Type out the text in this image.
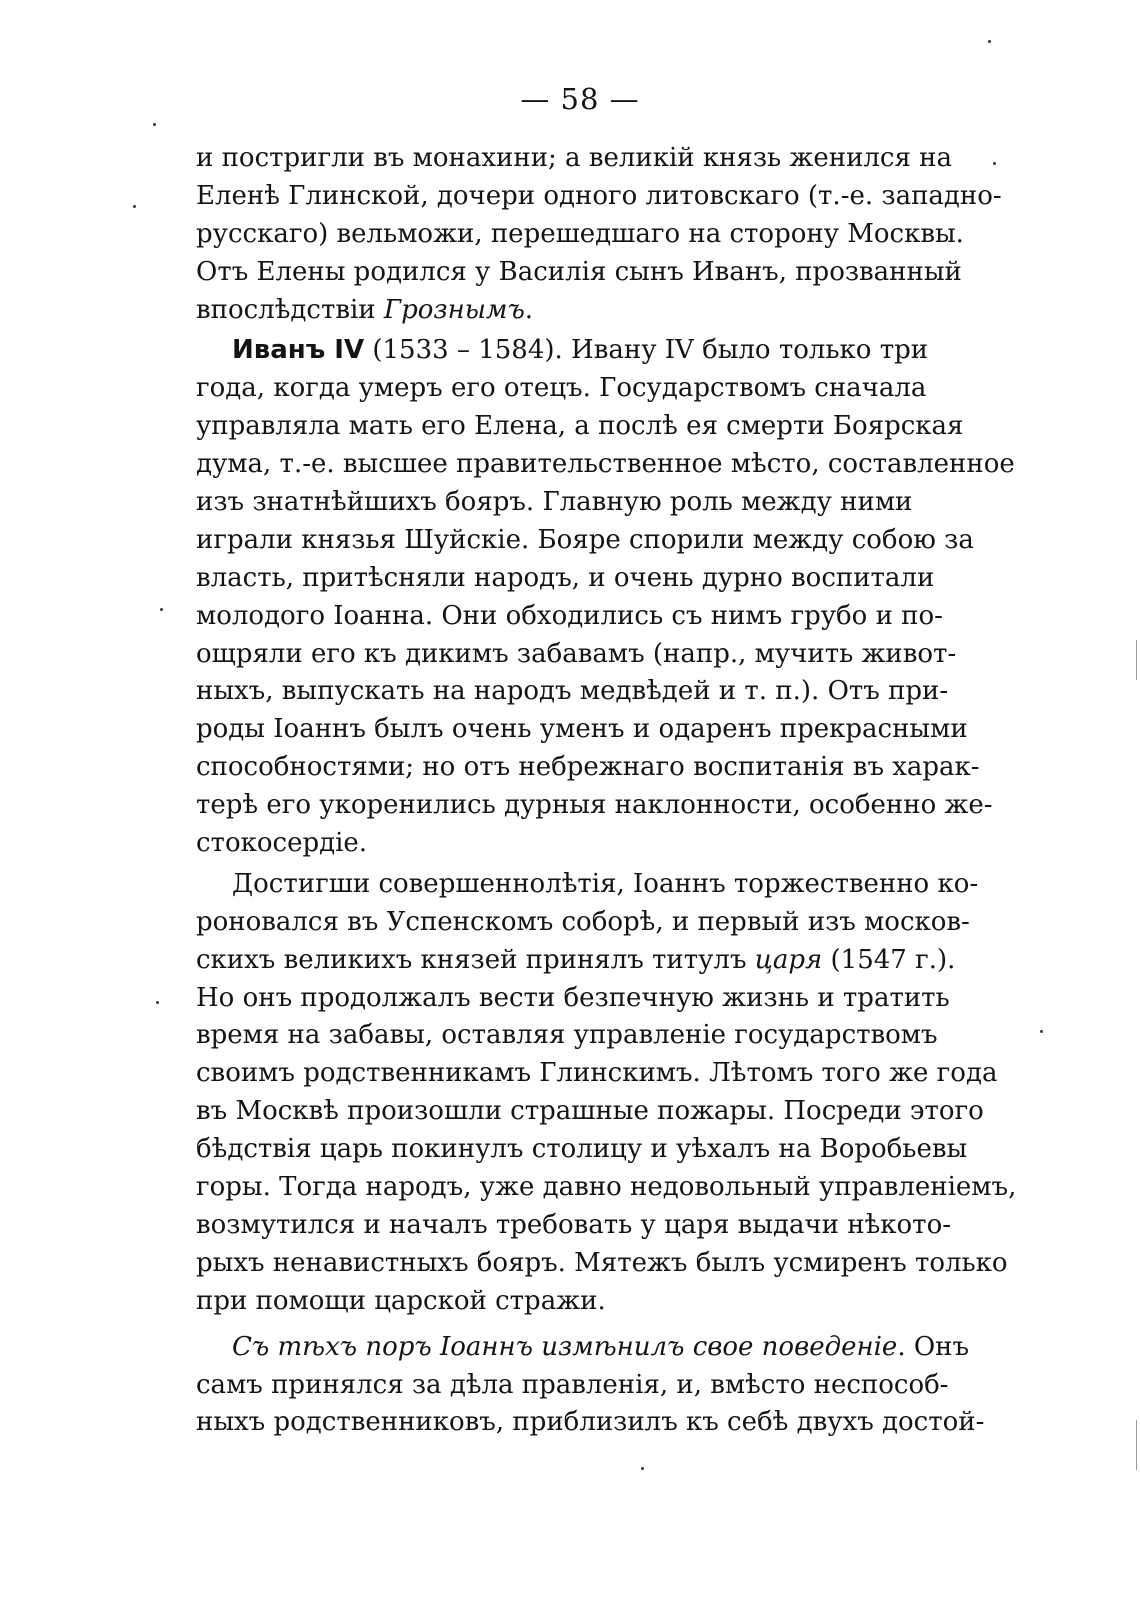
— 58 —
и постригли въ монахини; а великій князь женился на
Еленѣ Глинской, дочери одного литовскаго (т.-е. западно-
русскаго) вельможи, перешедшаго на сторону Москвы.
Отъ Елены родился у Василія сынъ Иванъ, прозванный
впослѣдствіи Грознымъ .
Иванъ IV (1533 – 1584). Ивану IV было только три
года, когда умеръ его отецъ. Государствомъ сначала
управляла мать его Елена, а послѣ ея смерти Боярская
дума, т.-е. высшее правительственное мѣсто, составленное
изъ знатнѣйшихъ бояръ. Главную роль между ними
играли князья Шуйскіе. Бояре спорили между собою за
власть, притѣсняли народъ, и очень дурно воспитали
молодого Іоанна. Они обходились съ нимъ грубо и по-
ощряли его къ дикимъ забавамъ (напр., мучить живот-
ныхъ, выпускать на народъ медвѣдей и т. п.). Отъ при-
роды Іоаннъ былъ очень уменъ и одаренъ прекрасными
способностями; но отъ небрежнаго воспитанія въ харак-
терѣ его укоренились дурныя наклонности, особенно же-
стокосердіе.
Достигши совершеннолѣтія, Іоаннъ торжественно ко-
роновался въ Успенскомъ соборѣ, и первый изъ москов-
скихъ великихъ князей принялъ титулъ царя (1547 г.).
Но онъ продолжалъ вести безпечную жизнь и тратить
время на забавы, оставляя управленіе государствомъ
своимъ родственникамъ Глинскимъ. Лѣтомъ того же года
въ Москвѣ произошли страшные пожары. Посреди этого
бѣдствія царь покинулъ столицу и уѣхалъ на Воробьевы
горы. Тогда народъ, уже давно недовольный управленіемъ,
возмутился и началъ требовать у царя выдачи нѣкото-
рыхъ ненавистныхъ бояръ. Мятежъ былъ усмиренъ только
при помощи царской стражи.
Съ тѣхъ поръ Іоаннъ измѣнилъ свое поведеніе. Онъ
самъ принялся за дѣла правленія, и, вмѣсто неспособ-
ныхъ родственниковъ, приблизилъ къ себѣ двухъ достой-
